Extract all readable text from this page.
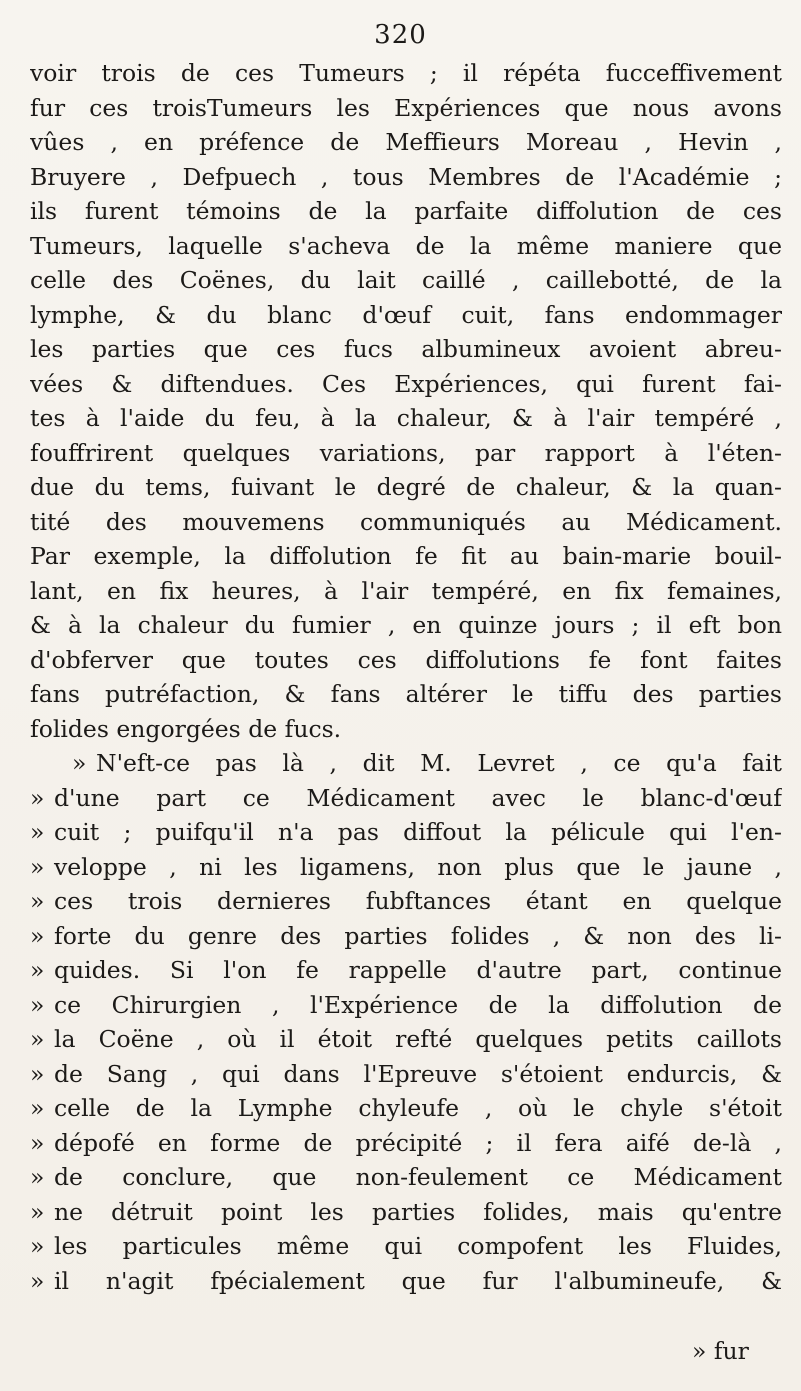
320
voir trois de ces Tumeurs ; il répéta fucceffivement
fur ces troisTumeurs les Expériences que nous avons
vûes , en préfence de Meffieurs Moreau , Hevin ,
Bruyere , Defpuech , tous Membres de l'Académie ;
ils furent témoins de la parfaite diffolution de ces
Tumeurs, laquelle s'acheva de la même maniere que
celle des Coënes, du lait caillé , caillebotté, de la
lymphe, & du blanc d'œuf cuit, fans endommager
les parties que ces fucs albumineux avoient abreu-
vées & diftendues. Ces Expériences, qui furent fai-
tes à l'aide du feu, à la chaleur, & à l'air tempéré ,
fouffrirent quelques variations, par rapport à l'éten-
due du tems, fuivant le degré de chaleur, & la quan-
tité des mouvemens communiqués au Médicament.
Par exemple, la diffolution fe fit au bain-marie bouil-
lant, en fix heures, à l'air tempéré, en fix femaines,
& à la chaleur du fumier , en quinze jours ; il eft bon
d'obferver que toutes ces diffolutions fe font faites
fans putréfaction, & fans altérer le tiffu des parties
folides engorgées de fucs.
» N'eft-ce pas là , dit M. Levret , ce qu'a fait
» d'une part ce Médicament avec le blanc-d'œuf
» cuit ; puifqu'il n'a pas diffout la pélicule qui l'en-
» veloppe , ni les ligamens, non plus que le jaune ,
» ces trois dernieres fubftances étant en quelque
» forte du genre des parties folides , & non des li-
» quides. Si l'on fe rappelle d'autre part, continue
» ce Chirurgien , l'Expérience de la diffolution de
» la Coëne , où il étoit refté quelques petits caillots
» de Sang , qui dans l'Epreuve s'étoient endurcis, &
» celle de la Lymphe chyleufe , où le chyle s'étoit
» dépofé en forme de précipité ; il fera aifé de-là ,
» de conclure, que non-feulement ce Médicament
» ne détruit point les parties folides, mais qu'entre
» les particules même qui compofent les Fluides,
» il n'agit fpécialement que fur l'albumineufe, &
» fur
